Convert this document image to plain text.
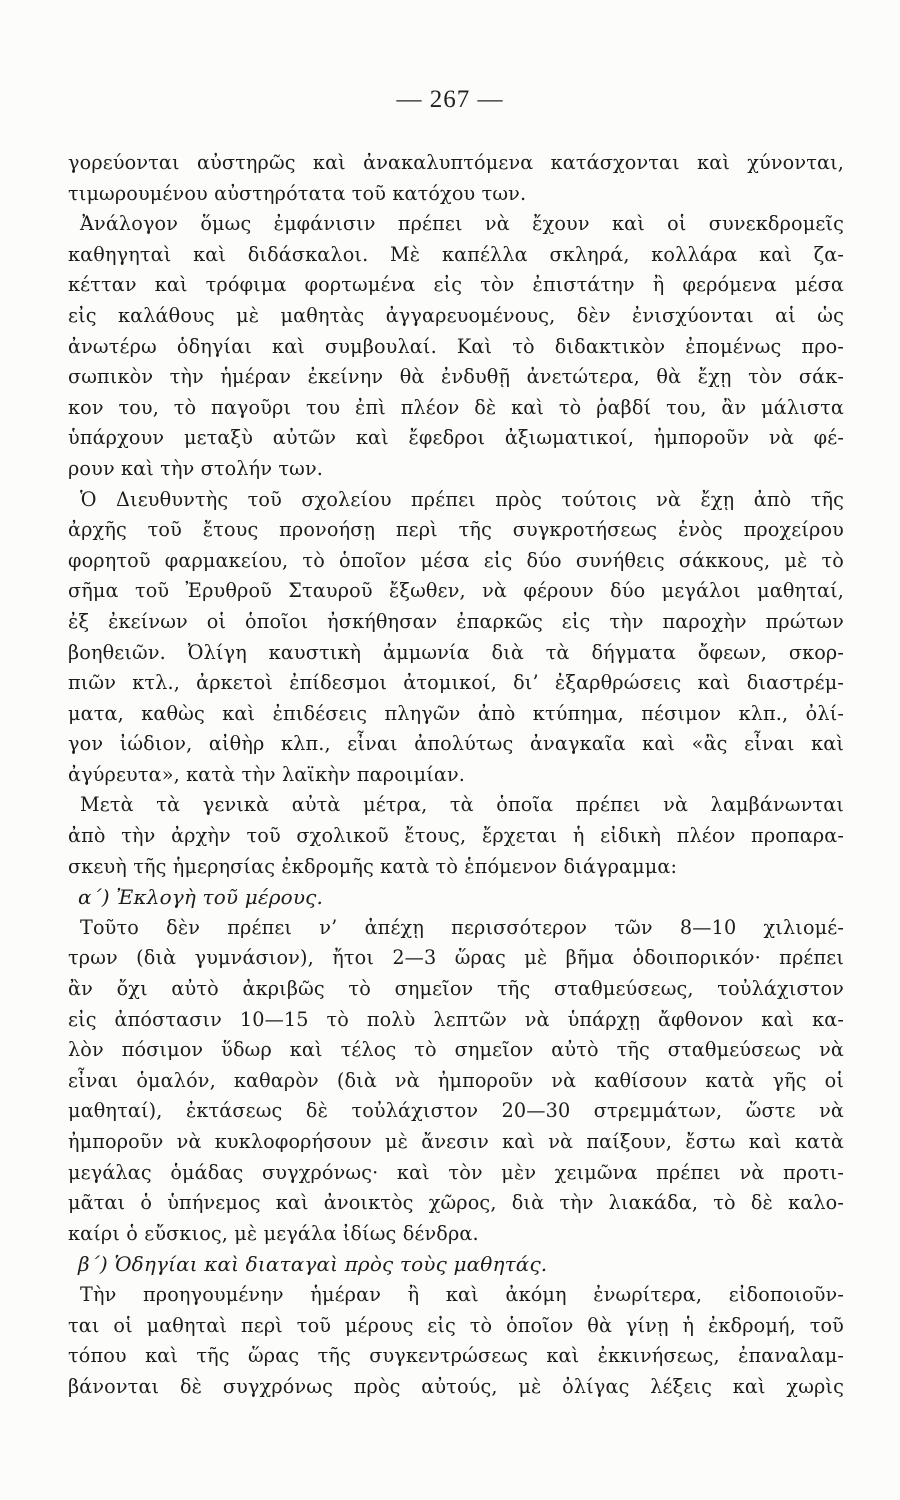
— 267 —
γορεύονται αὐστηρῶς καὶ ἀνακαλυπτόμενα κατάσχονται καὶ χύνονται,
τιμωρουμένου αὐστηρότατα τοῦ κατόχου των.
Ἀνάλογον ὅμως ἐμφάνισιν πρέπει νὰ ἔχουν καὶ οἱ συνεκδρομεῖς
καθηγηταὶ καὶ διδάσκαλοι. Μὲ καπέλλα σκληρά, κολλάρα καὶ ζα-
κέτταν καὶ τρόφιμα φορτωμένα εἰς τὸν ἐπιστάτην ἢ φερόμενα μέσα
εἰς καλάθους μὲ μαθητὰς ἀγγαρευομένους, δὲν ἐνισχύονται αἱ ὡς
ἀνωτέρω ὁδηγίαι καὶ συμβουλαί. Καὶ τὸ διδακτικὸν ἐπομένως προ-
σωπικὸν τὴν ἡμέραν ἐκείνην θὰ ἐνδυθῇ ἀνετώτερα, θὰ ἔχῃ τὸν σάκ-
κον του, τὸ παγοῦρι του ἐπὶ πλέον δὲ καὶ τὸ ῥαβδί του, ἂν μάλιστα
ὑπάρχουν μεταξὺ αὐτῶν καὶ ἔφεδροι ἀξιωματικοί, ἠμποροῦν νὰ φέ-
ρουν καὶ τὴν στολήν των.
Ὁ Διευθυντὴς τοῦ σχολείου πρέπει πρὸς τούτοις νὰ ἔχῃ ἀπὸ τῆς
ἀρχῆς τοῦ ἔτους προνοήσῃ περὶ τῆς συγκροτήσεως ἑνὸς προχείρου
φορητοῦ φαρμακείου, τὸ ὁποῖον μέσα εἰς δύο συνήθεις σάκκους, μὲ τὸ
σῆμα τοῦ Ἐρυθροῦ Σταυροῦ ἔξωθεν, νὰ φέρουν δύο μεγάλοι μαθηταί,
ἐξ ἐκείνων οἱ ὁποῖοι ἠσκήθησαν ἐπαρκῶς εἰς τὴν παροχὴν πρώτων
βοηθειῶν. Ὀλίγη καυστικὴ ἀμμωνία διὰ τὰ δήγματα ὄφεων, σκορ-
πιῶν κτλ., ἀρκετοὶ ἐπίδεσμοι ἀτομικοί, δι’ ἐξαρθρώσεις καὶ διαστρέμ-
ματα, καθὼς καὶ ἐπιδέσεις πληγῶν ἀπὸ κτύπημα, πέσιμον κλπ., ὀλί-
γον ἰώδιον, αἰθὴρ κλπ., εἶναι ἀπολύτως ἀναγκαῖα καὶ «ἂς εἶναι καὶ
ἀγύρευτα», κατὰ τὴν λαϊκὴν παροιμίαν.
Μετὰ τὰ γενικὰ αὐτὰ μέτρα, τὰ ὁποῖα πρέπει νὰ λαμβάνωνται
ἀπὸ τὴν ἀρχὴν τοῦ σχολικοῦ ἔτους, ἔρχεται ἡ εἰδικὴ πλέον προπαρα-
σκευὴ τῆς ἡμερησίας ἐκδρομῆς κατὰ τὸ ἑπόμενον διάγραμμα:
α΄) Ἐκλογὴ τοῦ μέρους.
Τοῦτο δὲν πρέπει ν’ ἀπέχῃ περισσότερον τῶν 8—10 χιλιομέ-
τρων (διὰ γυμνάσιον), ἤτοι 2—3 ὥρας μὲ βῆμα ὁδοιπορικόν· πρέπει
ἂν ὄχι αὐτὸ ἀκριβῶς τὸ σημεῖον τῆς σταθμεύσεως, τοὐλάχιστον
εἰς ἀπόστασιν 10—15 τὸ πολὺ λεπτῶν νὰ ὑπάρχῃ ἄφθονον καὶ κα-
λὸν πόσιμον ὕδωρ καὶ τέλος τὸ σημεῖον αὐτὸ τῆς σταθμεύσεως νὰ
εἶναι ὁμαλόν, καθαρὸν (διὰ νὰ ἠμποροῦν νὰ καθίσουν κατὰ γῆς οἱ
μαθηταί), ἐκτάσεως δὲ τοὐλάχιστον 20—30 στρεμμάτων, ὥστε νὰ
ἠμποροῦν νὰ κυκλοφορήσουν μὲ ἄνεσιν καὶ νὰ παίξουν, ἔστω καὶ κατὰ
μεγάλας ὁμάδας συγχρόνως· καὶ τὸν μὲν χειμῶνα πρέπει νὰ προτι-
μᾶται ὁ ὑπήνεμος καὶ ἀνοικτὸς χῶρος, διὰ τὴν λιακάδα, τὸ δὲ καλο-
καίρι ὁ εὔσκιος, μὲ μεγάλα ἰδίως δένδρα.
β΄) Ὁδηγίαι καὶ διαταγαὶ πρὸς τοὺς μαθητάς.
Τὴν προηγουμένην ἡμέραν ἢ καὶ ἀκόμη ἐνωρίτερα, εἰδοποιοῦν-
ται οἱ μαθηταὶ περὶ τοῦ μέρους εἰς τὸ ὁποῖον θὰ γίνῃ ἡ ἐκδρομή, τοῦ
τόπου καὶ τῆς ὥρας τῆς συγκεντρώσεως καὶ ἐκκινήσεως, ἐπαναλαμ-
βάνονται δὲ συγχρόνως πρὸς αὐτούς, μὲ ὀλίγας λέξεις καὶ χωρὶς
